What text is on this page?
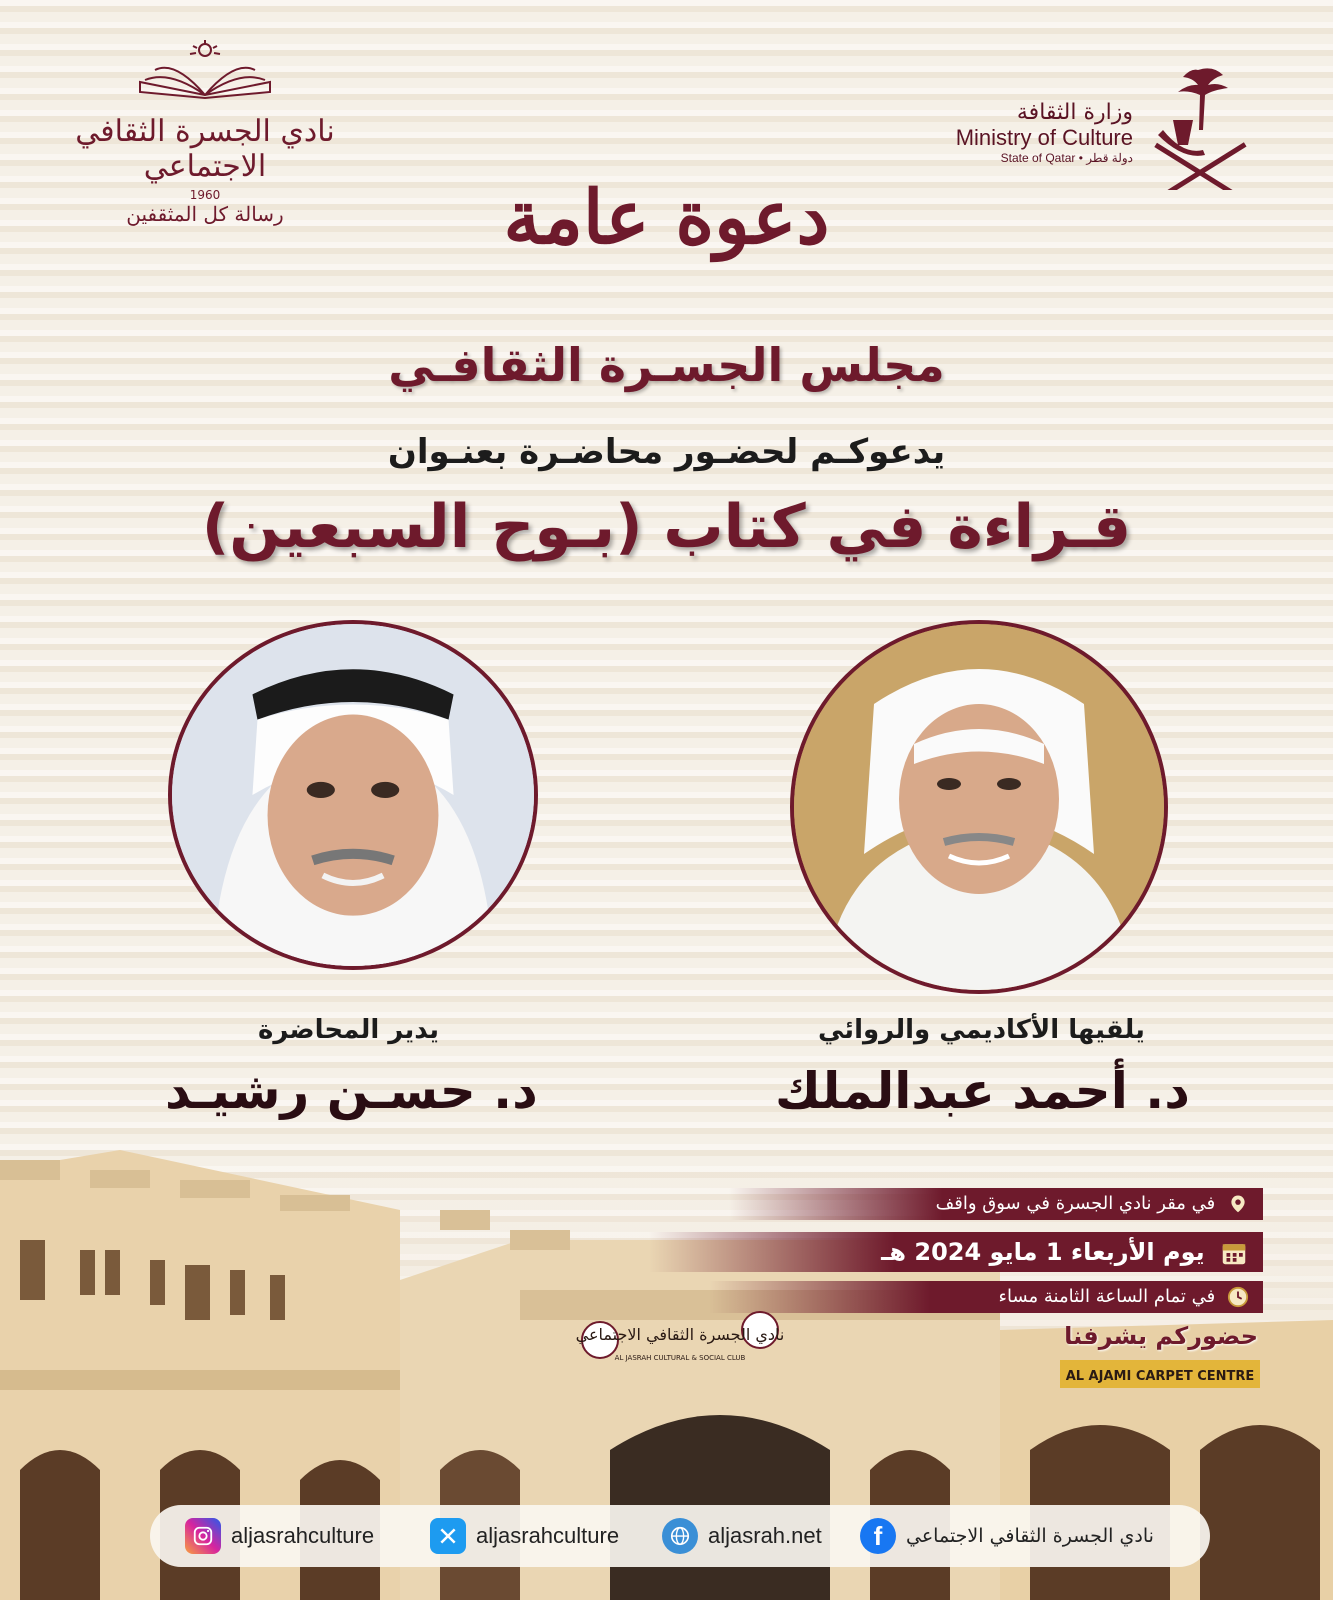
نادي الجسرة الثقافي الاجتماعي
1960
رسالة كل المثقفين
وزارة الثقافة
Ministry of Culture
State of Qatar • دولة قطر
دعوة عامة
مجلس الجسـرة الثقافـي
يدعوكـم لحضـور محاضـرة بعنـوان
قـراءة في كتاب (بـوح السبعين)
يدير المحاضرة
د. حسـن رشيـد
يلقيها الأكاديمي والروائي
د. أحمد عبدالملك
نادي الجسرة الثقافي الاجتماعي
AL JASRAH CULTURAL & SOCIAL CLUB
AL AJAMI CARPET CENTRE
في مقر نادي الجسرة في سوق واقف
يوم الأربعاء 1 مايو 2024 هـ
في تمام الساعة الثامنة مساء
حضوركم يشرفنا
aljasrahculture	aljasrahculture	aljasrah.net f نادي الجسرة الثقافي الاجتماعي
